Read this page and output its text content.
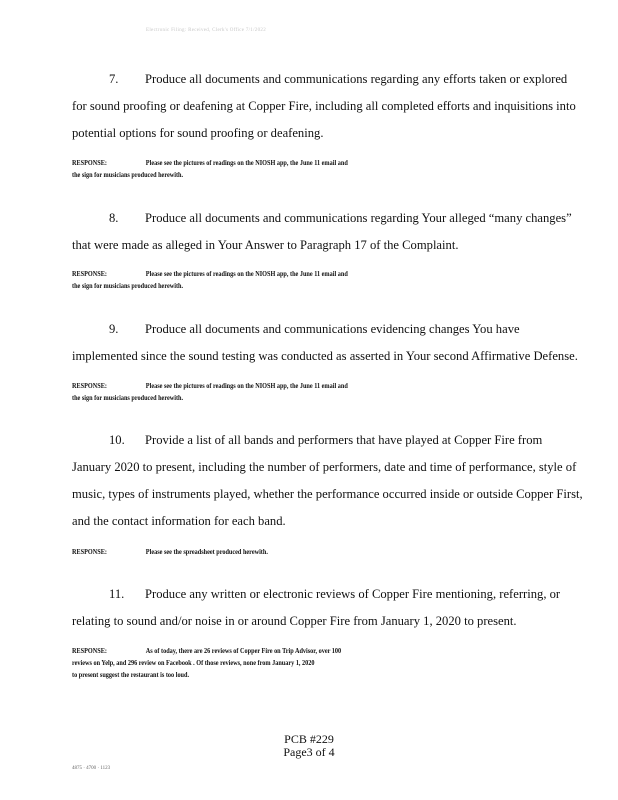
Electronic Filing: Received, Clerk's Office 7/1/2022
7. Produce all documents and communications regarding any efforts taken or explored
for sound proofing or deafening at Copper Fire, including all completed efforts and inquisitions into
potential options for sound proofing or deafening.
RESPONSE:	Please see the pictures of readings on the NIOSH app, the June 11 email and
the sign for musicians produced herewith.
8. Produce all documents and communications regarding Your alleged “many changes”
that were made as alleged in Your Answer to Paragraph 17 of the Complaint.
RESPONSE:	Please see the pictures of readings on the NIOSH app, the June 11 email and
the sign for musicians produced herewith.
9. Produce all documents and communications evidencing changes You have
implemented since the sound testing was conducted as asserted in Your second Affirmative Defense.
RESPONSE:	Please see the pictures of readings on the NIOSH app, the June 11 email and
the sign for musicians produced herewith.
10. Provide a list of all bands and performers that have played at Copper Fire from
January 2020 to present, including the number of performers, date and time of performance, style of
music, types of instruments played, whether the performance occurred inside or outside Copper First,
and the contact information for each band.
RESPONSE:	Please see the spreadsheet produced herewith.
11. Produce any written or electronic reviews of Copper Fire mentioning, referring, or
relating to sound and/or noise in or around Copper Fire from January 1, 2020 to present.
RESPONSE:	As of today, there are 26 reviews of Copper Fire on Trip Advisor, over 100
reviews on Yelp, and 296 review on Facebook . Of those reviews, none from January 1, 2020
to present suggest the restaurant is too loud.
PCB #229
Page3 of 4
4875 · 4700 · 1123
